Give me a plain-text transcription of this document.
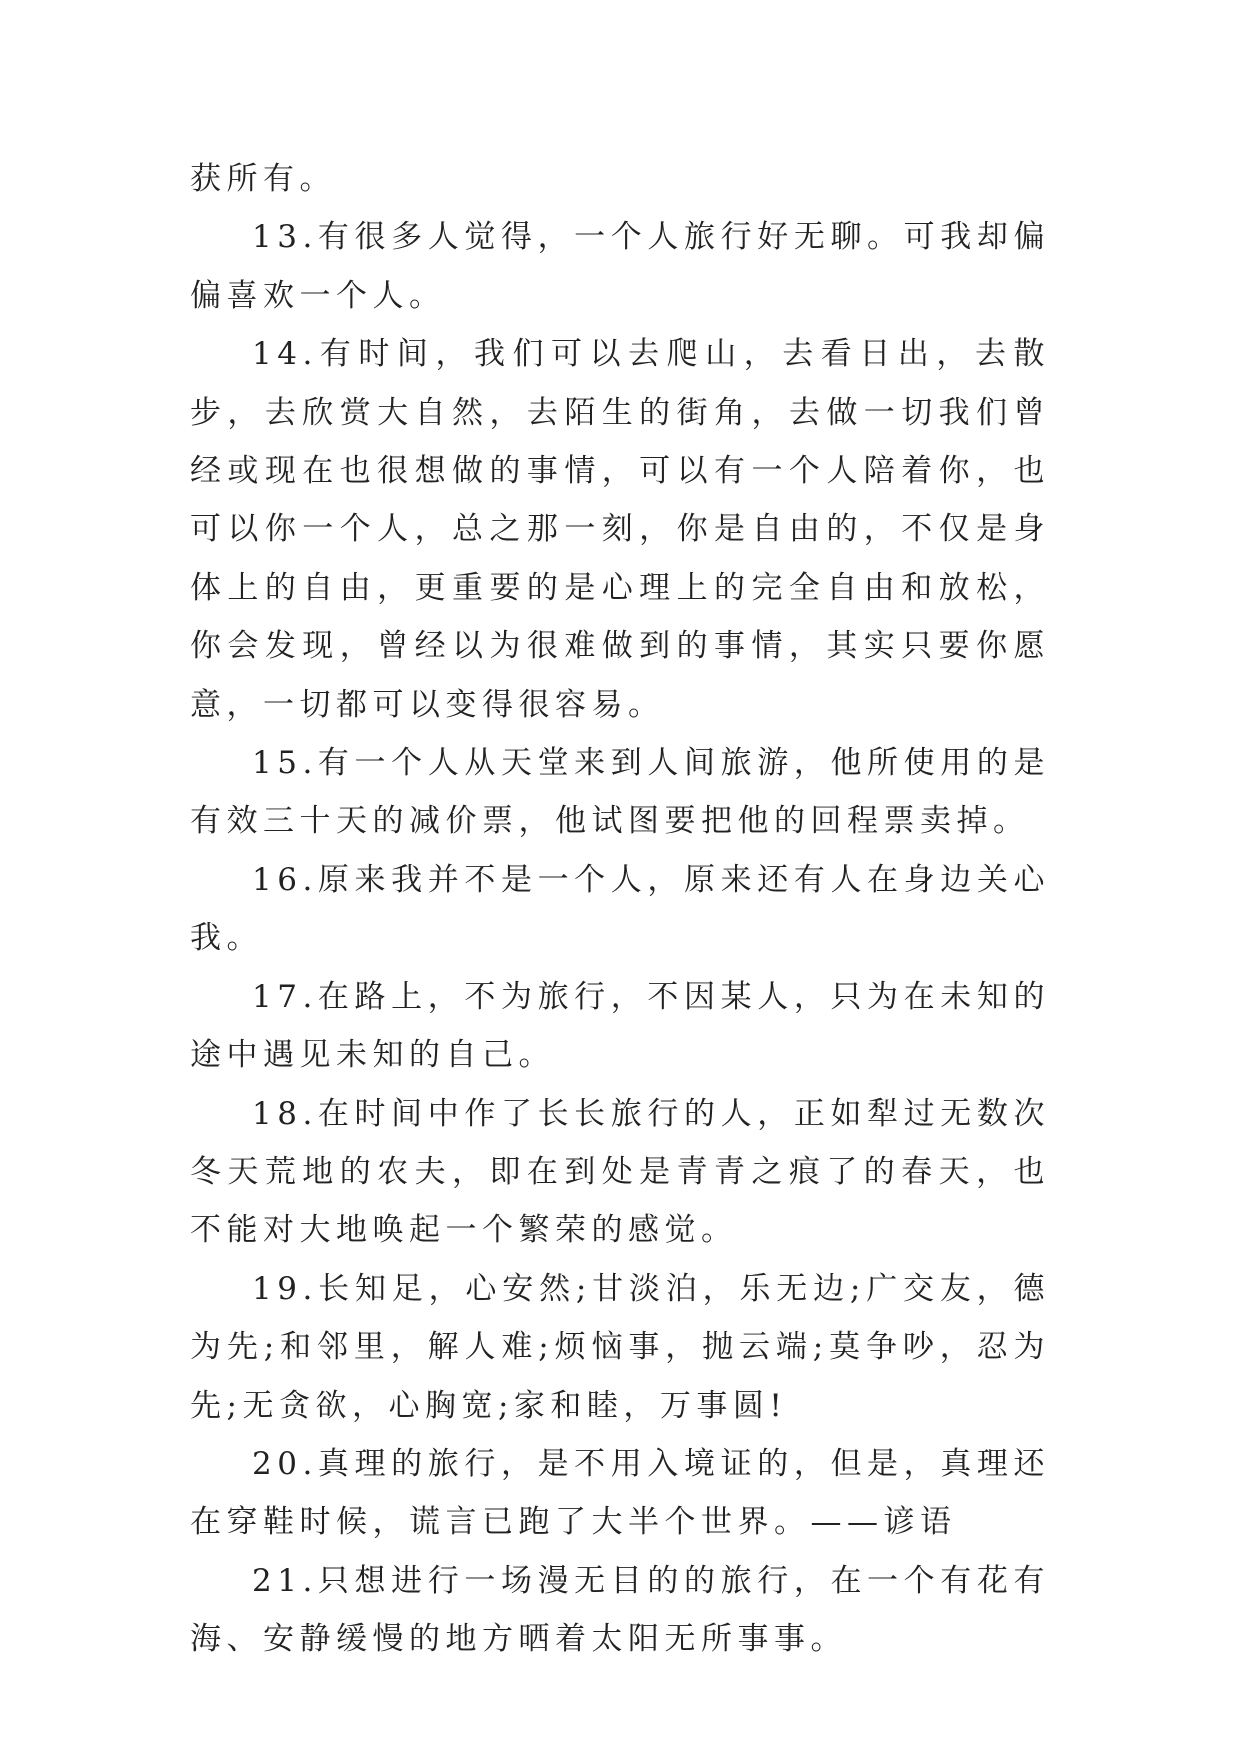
获所有。

13.有很多人觉得，一个人旅行好无聊。可我却偏偏喜欢一个人。

14.有时间，我们可以去爬山，去看日出，去散步，去欣赏大自然，去陌生的街角，去做一切我们曾经或现在也很想做的事情，可以有一个人陪着你，也可以你一个人，总之那一刻，你是自由的，不仅是身体上的自由，更重要的是心理上的完全自由和放松，你会发现，曾经以为很难做到的事情，其实只要你愿意，一切都可以变得很容易。

15.有一个人从天堂来到人间旅游，他所使用的是有效三十天的减价票，他试图要把他的回程票卖掉。

16.原来我并不是一个人，原来还有人在身边关心我。

17.在路上，不为旅行，不因某人，只为在未知的途中遇见未知的自己。

18.在时间中作了长长旅行的人，正如犁过无数次冬天荒地的农夫，即在到处是青青之痕了的春天，也不能对大地唤起一个繁荣的感觉。

19.长知足，心安然;甘淡泊，乐无边;广交友，德为先;和邻里，解人难;烦恼事，抛云端;莫争吵，忍为先;无贪欲，心胸宽;家和睦，万事圆!

20.真理的旅行，是不用入境证的，但是，真理还在穿鞋时候，谎言已跑了大半个世界。——谚语

21.只想进行一场漫无目的的旅行，在一个有花有海、安静缓慢的地方晒着太阳无所事事。
